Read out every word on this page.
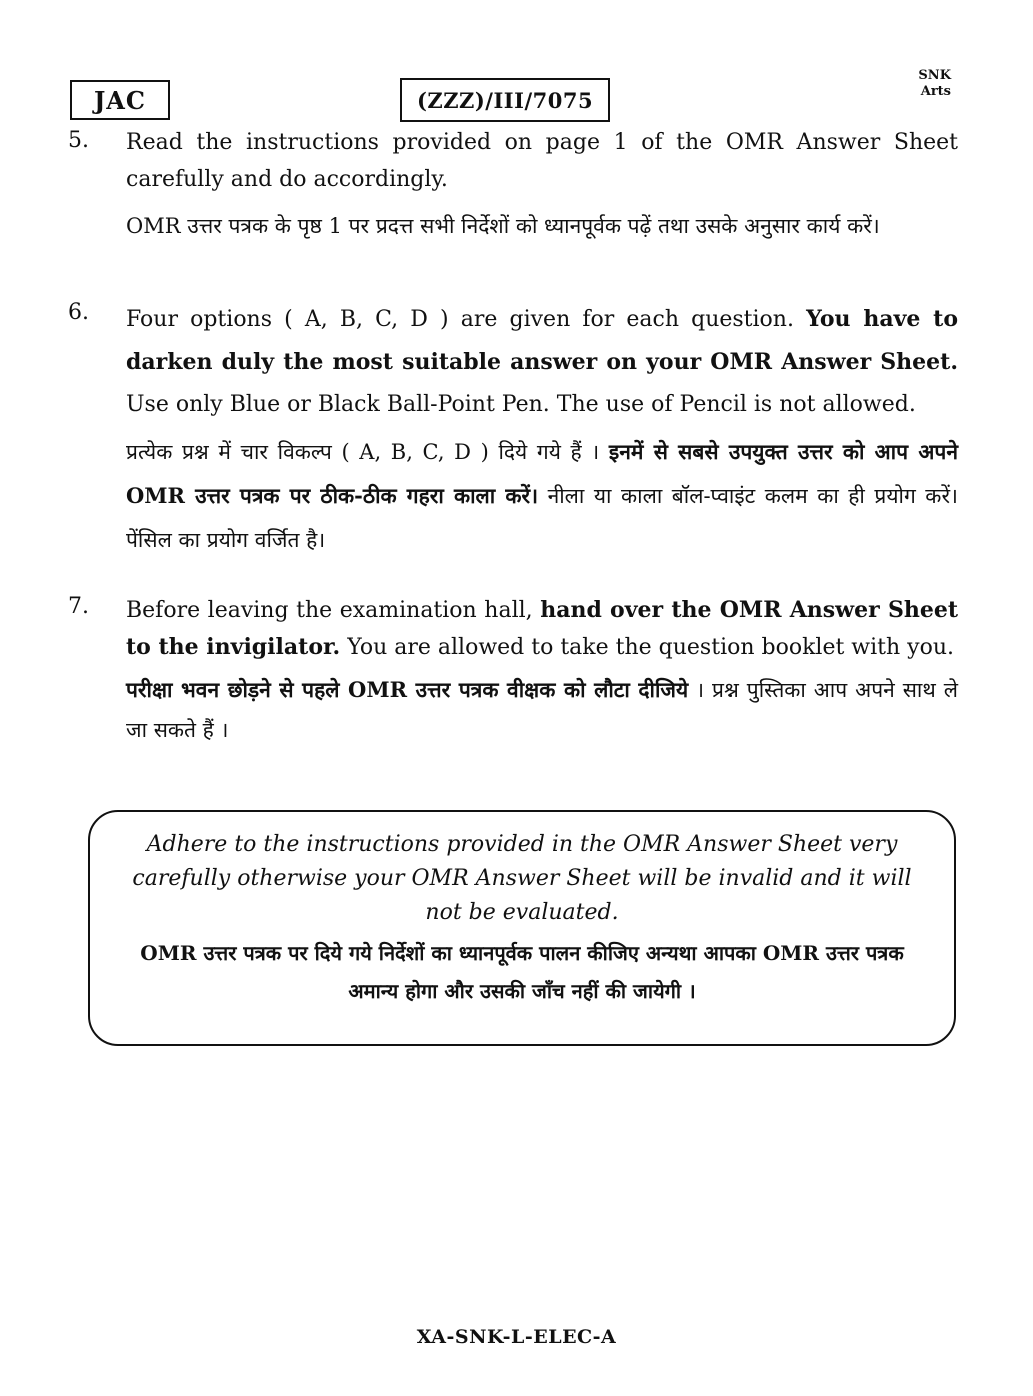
JAC	(ZZZ)/III/7075
SNK
Arts
5. Read the instructions provided on page 1 of the OMR Answer Sheet carefully and do accordingly.

OMR उत्तर पत्रक के पृष्ठ 1 पर प्रदत्त सभी निर्देशों को ध्यानपूर्वक पढ़ें तथा उसके अनुसार कार्य करें।

6. Four options ( A, B, C, D ) are given for each question. You have to darken duly the most suitable answer on your OMR Answer Sheet. Use only Blue or Black Ball-Point Pen. The use of Pencil is not allowed.

प्रत्येक प्रश्न में चार विकल्प ( A, B, C, D ) दिये गये हैं । इनमें से सबसे उपयुक्त उत्तर को आप अपने OMR उत्तर पत्रक पर ठीक-ठीक गहरा काला करें। नीला या काला बॉल-प्वाइंट कलम का ही प्रयोग करें। पेंसिल का प्रयोग वर्जित है।

7. Before leaving the examination hall, hand over the OMR Answer Sheet to the invigilator. You are allowed to take the question booklet with you.

परीक्षा भवन छोड़ने से पहले OMR उत्तर पत्रक वीक्षक को लौटा दीजिये । प्रश्न पुस्तिका आप अपने साथ ले जा सकते हैं ।

Adhere to the instructions provided in the OMR Answer Sheet very carefully otherwise your OMR Answer Sheet will be invalid and it will not be evaluated.

OMR उत्तर पत्रक पर दिये गये निर्देशों का ध्यानपूर्वक पालन कीजिए अन्यथा आपका OMR उत्तर पत्रक अमान्य होगा और उसकी जाँच नहीं की जायेगी ।

XA-SNK-L-ELEC-A
